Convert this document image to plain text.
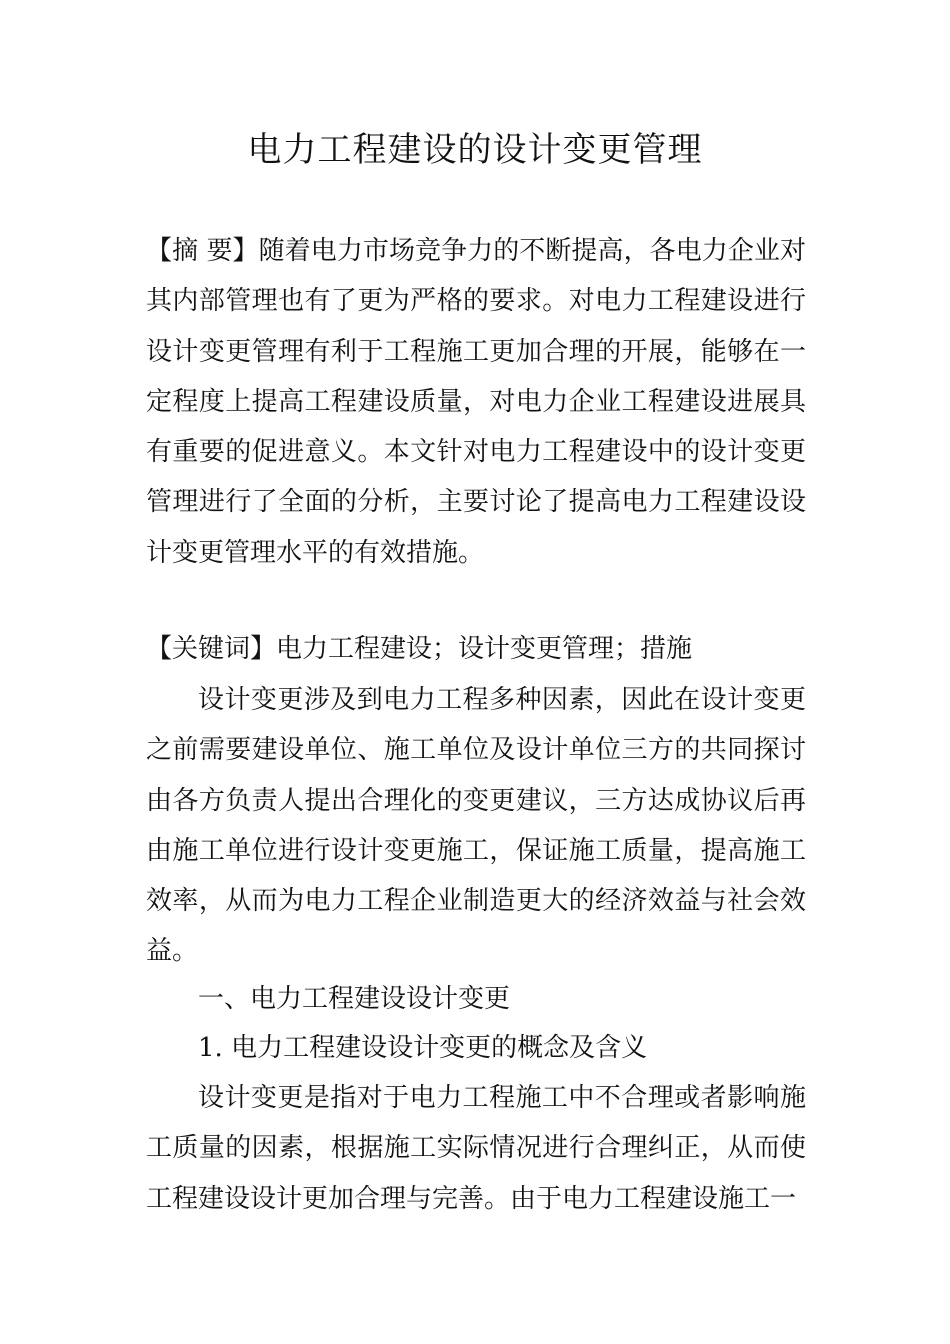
电力工程建设的设计变更管理

【摘 要】随着电力市场竞争力的不断提高，各电力企业对其内部管理也有了更为严格的要求。对电力工程建设进行设计变更管理有利于工程施工更加合理的开展，能够在一定程度上提高工程建设质量，对电力企业工程建设进展具有重要的促进意义。本文针对电力工程建设中的设计变更管理进行了全面的分析，主要讨论了提高电力工程建设设计变更管理水平的有效措施。

【关键词】电力工程建设；设计变更管理；措施

设计变更涉及到电力工程多种因素，因此在设计变更之前需要建设单位、施工单位及设计单位三方的共同探讨由各方负责人提出合理化的变更建议，三方达成协议后再由施工单位进行设计变更施工，保证施工质量，提高施工效率，从而为电力工程企业制造更大的经济效益与社会效益。

一、电力工程建设设计变更

1. 电力工程建设设计变更的概念及含义

设计变更是指对于电力工程施工中不合理或者影响施工质量的因素，根据施工实际情况进行合理纠正，从而使工程建设设计更加合理与完善。由于电力工程建设施工一
